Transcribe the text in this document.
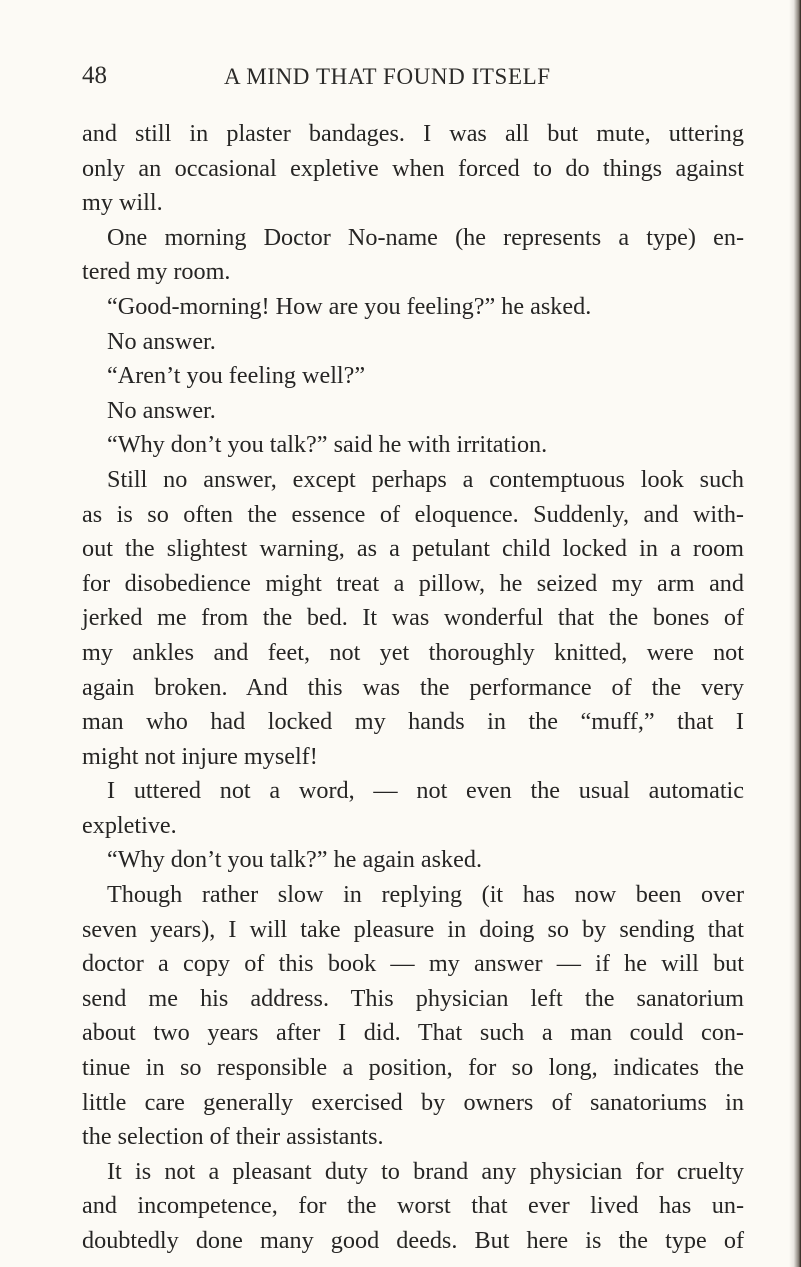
48	A MIND THAT FOUND ITSELF
and still in plaster bandages. I was all but mute, uttering
only an occasional expletive when forced to do things against
my will.
One morning Doctor No-name (he represents a type) en-
tered my room.
“Good-morning! How are you feeling?” he asked.
No answer.
“Aren’t you feeling well?”
No answer.
“Why don’t you talk?” said he with irritation.
Still no answer, except perhaps a contemptuous look such
as is so often the essence of eloquence. Suddenly, and with-
out the slightest warning, as a petulant child locked in a room
for disobedience might treat a pillow, he seized my arm and
jerked me from the bed. It was wonderful that the bones of
my ankles and feet, not yet thoroughly knitted, were not
again broken. And this was the performance of the very
man who had locked my hands in the “muff,” that I
might not injure myself!
I uttered not a word, — not even the usual automatic
expletive.
“Why don’t you talk?” he again asked.
Though rather slow in replying (it has now been over
seven years), I will take pleasure in doing so by sending that
doctor a copy of this book — my answer — if he will but
send me his address. This physician left the sanatorium
about two years after I did. That such a man could con-
tinue in so responsible a position, for so long, indicates the
little care generally exercised by owners of sanatoriums in
the selection of their assistants.
It is not a pleasant duty to brand any physician for cruelty
and incompetence, for the worst that ever lived has un-
doubtedly done many good deeds. But here is the type of
